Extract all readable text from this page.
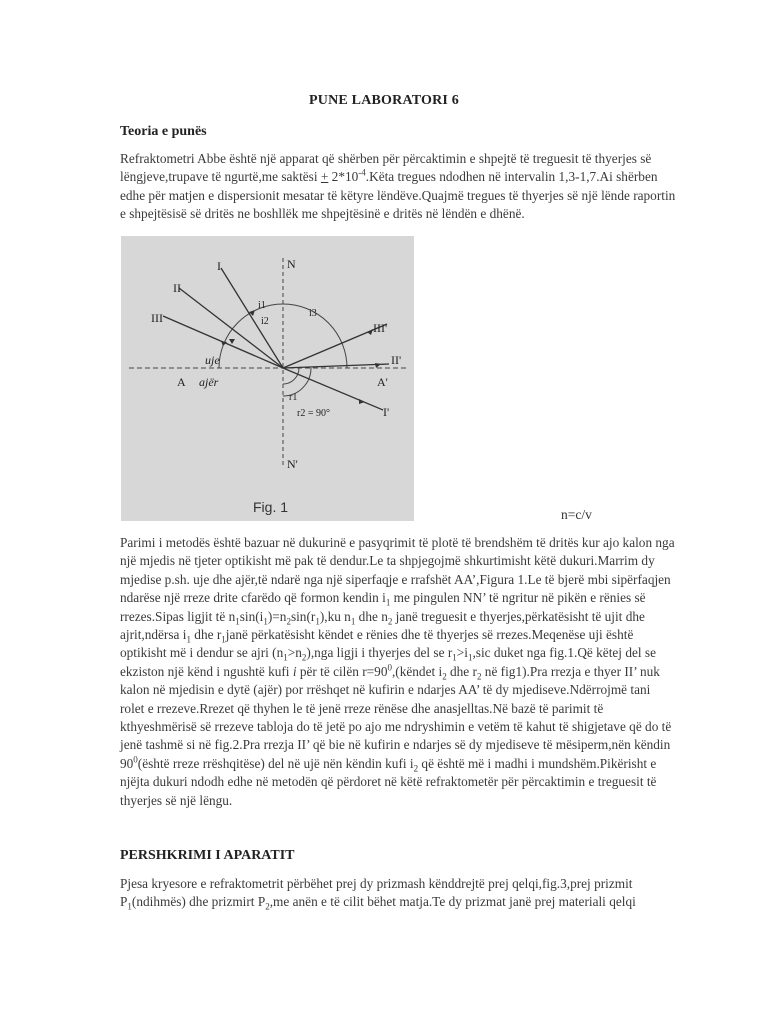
PUNE LABORATORI 6
Teoria e punës
Refraktometri Abbe është një apparat që shërben për përcaktimin e shpejtë të treguesit të thyerjes së lëngjeve,trupave të ngurtë,me saktësi + $2*10^{-4}.Këta$ tregues ndodhen në intervalin 1,3-1,7.Ai shërben edhe për matjen e dispersionit mesatar të këtyre lëndëve.Quajmë tregues të thyerjes së një lënde raportin e shpejtësisë së dritës ne boshllëk me shpejtësinë e dritës në lëndën e dhënë.
I
II
III
N
N'
III'
II'
I'
A	A'
uje
ajër
i1
i2
i3
r1
r2 = 90°
Fig. 1	n=c/v
Parimi i metodës është bazuar në dukurinë e pasyqrimit të plotë të brendshëm të dritës kur ajo kalon nga një mjedis në tjeter optikisht më pak të dendur.Le ta shpjegojmë shkurtimisht këtë dukuri.Marrim dy mjedise p.sh. uje dhe ajër,të ndarë nga një siperfaqje e rrafshët AA’,Figura 1.Le të bjerë mbi sipërfaqjen ndarëse një rreze drite cfarëdo që formon kendin $i_1$ me pingulen NN’ të ngritur në pikën e rënies së rrezes.Sipas ligjit të $n_1\sin(i_1)=n_2\sin(r_1),ku$ $n_1$ dhe $n_2$ janë treguesit e thyerjes,përkatësisht të ujit dhe ajrit,ndërsa $i_1$ dhe $r_1janë$ përkatësisht këndet e rënies dhe të thyerjes së rrezes.Meqenëse uji është optikisht më i dendur se ajri $(n_1>n_2),nga$ ligji i thyerjes del se $r_1>i_1,sic$ duket nga fig.1.Që këtej del se ekziston një kënd i ngushtë kufi i për të cilën $r=90^0,(këndet$ $i_2$ dhe $r_2$ në fig1).Pra rrezja e thyer II’ nuk kalon në mjedisin e dytë (ajër) por rrëshqet në kufirin e ndarjes AA’ të dy mjediseve.Ndërrojmë tani rolet e rrezeve.Rrezet që thyhen le të jenë rreze rënëse dhe anasjelltas.Në bazë të parimit të kthyeshmërisë së rrezeve tabloja do të jetë po ajo me ndryshimin e vetëm të kahut të shigjetave që do të jenë tashmë si në fig.2.Pra rrezja II’ që bie në kufirin e ndarjes së dy mjediseve të mësiperm,nën këndin $90^0(është$ rreze rrëshqitëse) del në ujë nën këndin kufi $i_2$ që është më i madhi i mundshëm.Pikërisht e njëjta dukuri ndodh edhe në metodën që përdoret në këtë refraktometër për përcaktimin e treguesit të thyerjes së një lëngu.
PERSHKRIMI I APARATIT
Pjesa kryesore e refraktometrit përbëhet prej dy prizmash kënddrejtë prej qelqi,fig.3,prej prizmit $P_1(ndihmës)$ dhe prizmirt $P_2,me$ anën e të cilit bëhet matja.Te dy prizmat janë prej materiali qelqi
